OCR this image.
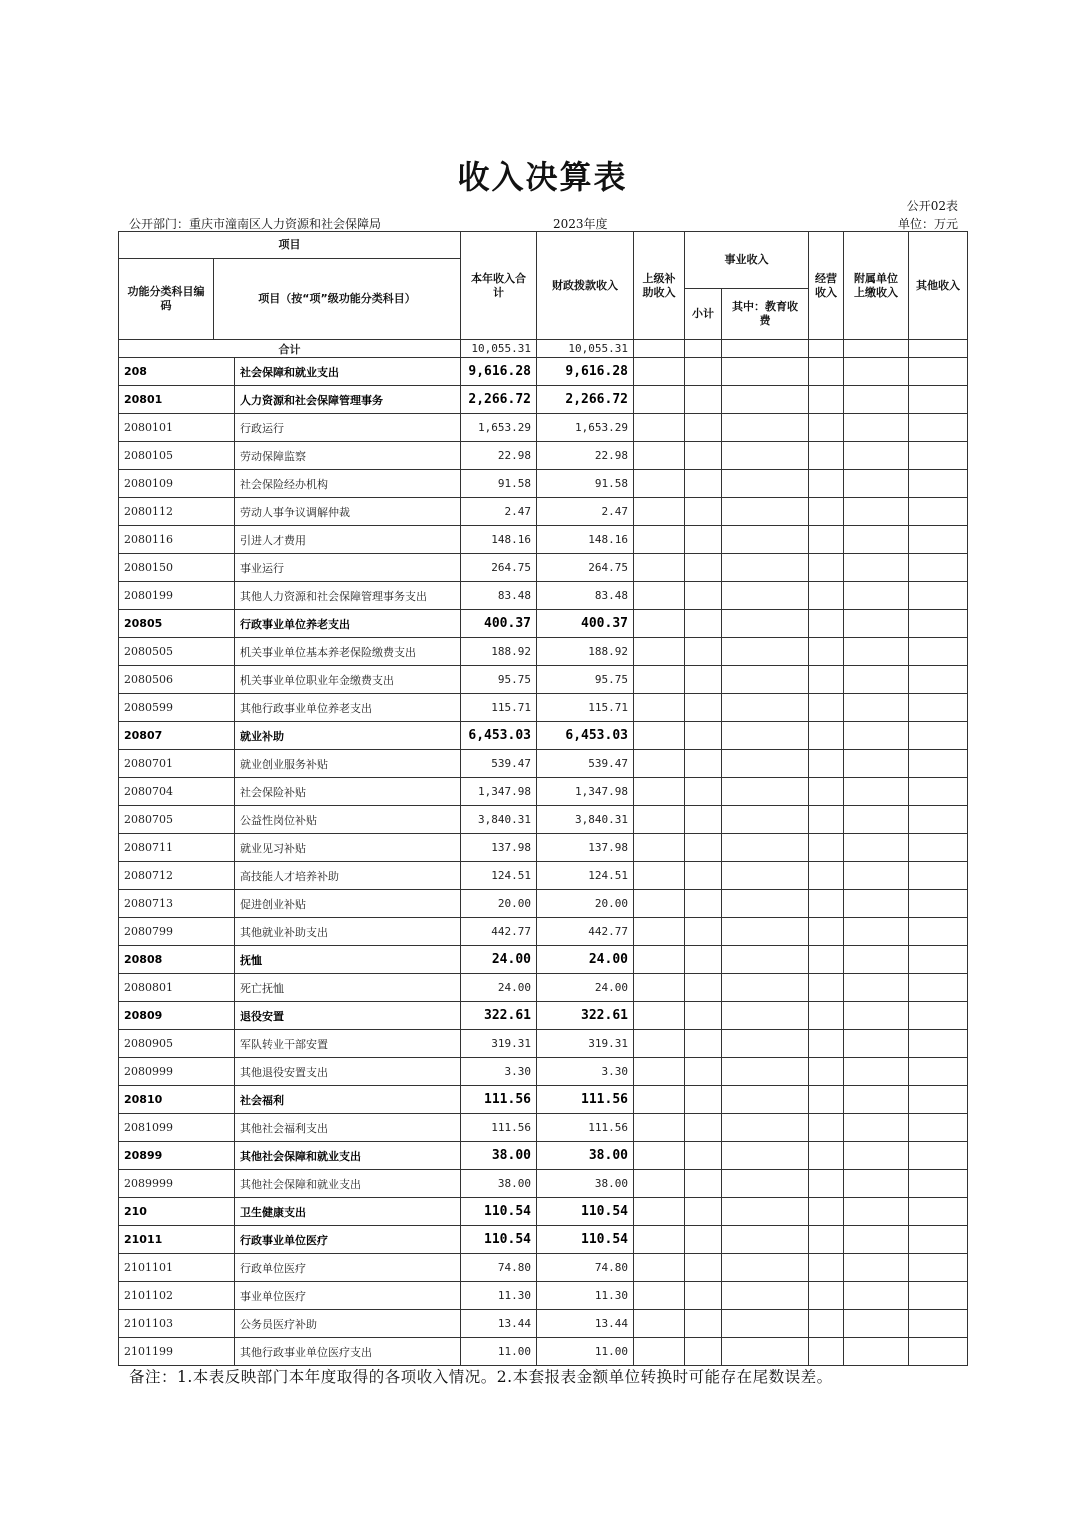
收入决算表
公开02表
公开部门：重庆市潼南区人力资源和社会保障局	2023年度	单位：万元
项目			本年收入合计	财政拨款收入	上级补助收入	事业收入		经营收入	附属单位上缴收入	其他收入
功能分类科目编码	项目（按“项”级功能分类科目）									
						小计	其中：教育收费			
合计			10,055.31	10,055.31						
208		社会保障和就业支出	9,616.28	9,616.28						
20801		人力资源和社会保障管理事务	2,266.72	2,266.72						
2080101		行政运行	1,653.29	1,653.29						
2080105		劳动保障监察	22.98	22.98						
2080109		社会保险经办机构	91.58	91.58						
2080112		劳动人事争议调解仲裁	2.47	2.47						
2080116		引进人才费用	148.16	148.16						
2080150		事业运行	264.75	264.75						
2080199		其他人力资源和社会保障管理事务支出	83.48	83.48						
20805		行政事业单位养老支出	400.37	400.37						
2080505		机关事业单位基本养老保险缴费支出	188.92	188.92						
2080506		机关事业单位职业年金缴费支出	95.75	95.75						
2080599		其他行政事业单位养老支出	115.71	115.71						
20807		就业补助	6,453.03	6,453.03						
2080701		就业创业服务补贴	539.47	539.47						
2080704		社会保险补贴	1,347.98	1,347.98						
2080705		公益性岗位补贴	3,840.31	3,840.31						
2080711		就业见习补贴	137.98	137.98						
2080712		高技能人才培养补助	124.51	124.51						
2080713		促进创业补贴	20.00	20.00						
2080799		其他就业补助支出	442.77	442.77						
20808		抚恤	24.00	24.00						
2080801		死亡抚恤	24.00	24.00						
20809		退役安置	322.61	322.61						
2080905		军队转业干部安置	319.31	319.31						
2080999		其他退役安置支出	3.30	3.30						
20810		社会福利	111.56	111.56						
2081099		其他社会福利支出	111.56	111.56						
20899		其他社会保障和就业支出	38.00	38.00						
2089999		其他社会保障和就业支出	38.00	38.00						
210		卫生健康支出	110.54	110.54						
21011		行政事业单位医疗	110.54	110.54						
2101101		行政单位医疗	74.80	74.80						
2101102		事业单位医疗	11.30	11.30						
2101103		公务员医疗补助	13.44	13.44						
2101199		其他行政事业单位医疗支出	11.00	11.00						
备注：1.本表反映部门本年度取得的各项收入情况。2.本套报表金额单位转换时可能存在尾数误差。
